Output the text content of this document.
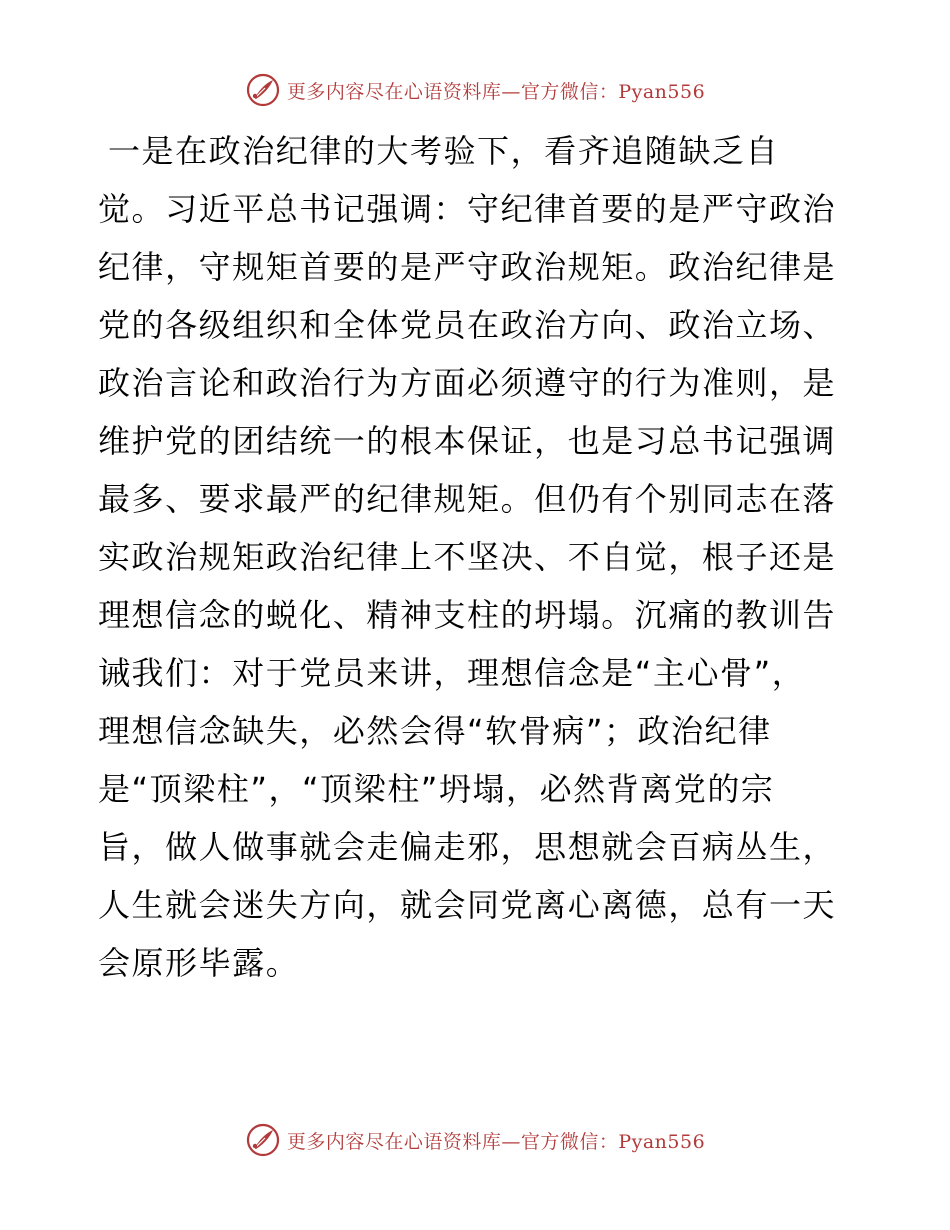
更多内容尽在心语资料库—官方微信：Pyan556
一是在政治纪律的大考验下，看齐追随缺乏自
觉。习近平总书记强调：守纪律首要的是严守政治
纪律，守规矩首要的是严守政治规矩。政治纪律是
党的各级组织和全体党员在政治方向、政治立场、
政治言论和政治行为方面必须遵守的行为准则，是
维护党的团结统一的根本保证，也是习总书记强调
最多、要求最严的纪律规矩。但仍有个别同志在落
实政治规矩政治纪律上不坚决、不自觉，根子还是
理想信念的蜕化、精神支柱的坍塌。沉痛的教训告
诫我们：对于党员来讲，理想信念是“主心骨”，
理想信念缺失，必然会得“软骨病”；政治纪律
是“顶梁柱”，“顶梁柱”坍塌，必然背离党的宗
旨，做人做事就会走偏走邪，思想就会百病丛生，
人生就会迷失方向，就会同党离心离德，总有一天
会原形毕露。
更多内容尽在心语资料库—官方微信：Pyan556
